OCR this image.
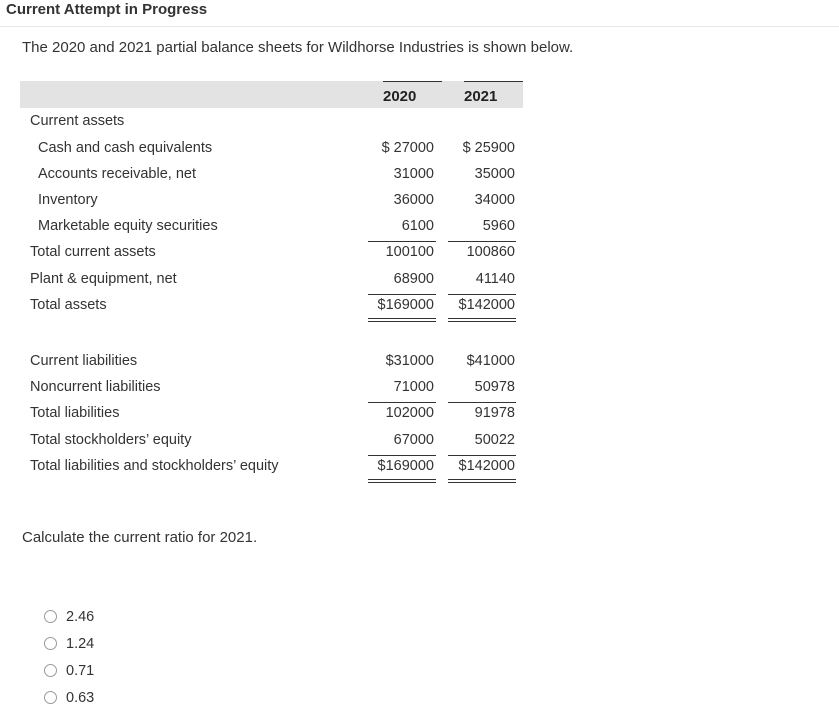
Current Attempt in Progress
The 2020 and 2021 partial balance sheets for Wildhorse Industries is shown below.
2020	2021
Current assets
Cash and cash equivalents	$ 27000	$ 25900
Accounts receivable, net	31000	35000
Inventory	36000	34000
Marketable equity securities	6100	5960
Total current assets	100100	100860
Plant & equipment, net	68900	41140
Total assets	$169000	$142000
Current liabilities	$31000	$41000
Noncurrent liabilities	71000	50978
Total liabilities	102000	91978
Total stockholders’ equity	67000	50022
Total liabilities and stockholders’ equity	$169000	$142000
Calculate the current ratio for 2021.
2.46
1.24
0.71
0.63
